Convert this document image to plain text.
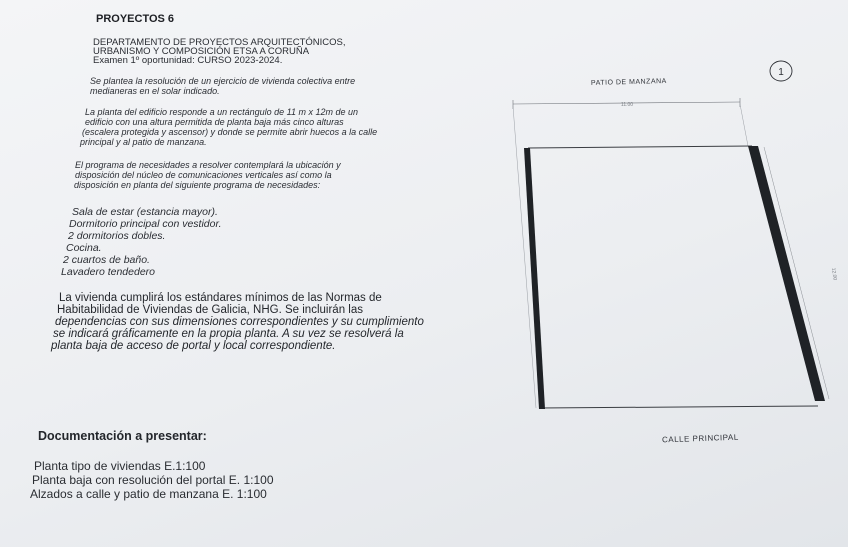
PROYECTOS 6
DEPARTAMENTO DE PROYECTOS ARQUITECTÓNICOS,
URBANISMO Y COMPOSICIÓN ETSA A CORUÑA
Examen 1º oportunidad: CURSO 2023-2024.
Se plantea la resolución de un ejercicio de vivienda colectiva entre
medianeras en el solar indicado.
La planta del edificio responde a un rectángulo de 11 m x 12m de un
edificio con una altura permitida de planta baja más cinco alturas
(escalera protegida y ascensor) y donde se permite abrir huecos a la calle
principal y al patio de manzana.
El programa de necesidades a resolver contemplará la ubicación y
disposición del núcleo de comunicaciones verticales así como la
disposición en planta del siguiente programa de necesidades:
Sala de estar (estancia mayor).
Dormitorio principal con vestidor.
2 dormitorios dobles.
Cocina.
2 cuartos de baño.
Lavadero tendedero
La vivienda cumplirá los estándares mínimos de las Normas de
Habitabilidad de Viviendas de Galicia, NHG. Se incluirán las
dependencias con sus dimensiones correspondientes y su cumplimiento
se indicará gráficamente en la propia planta. A su vez se resolverá la
planta baja de acceso de portal y local correspondiente.
Documentación a presentar:
Planta tipo de viviendas E.1:100
Planta baja con resolución del portal E. 1:100
Alzados a calle y patio de manzana E. 1:100
11.00
12.00
1
PATIO DE MANZANA
CALLE PRINCIPAL
